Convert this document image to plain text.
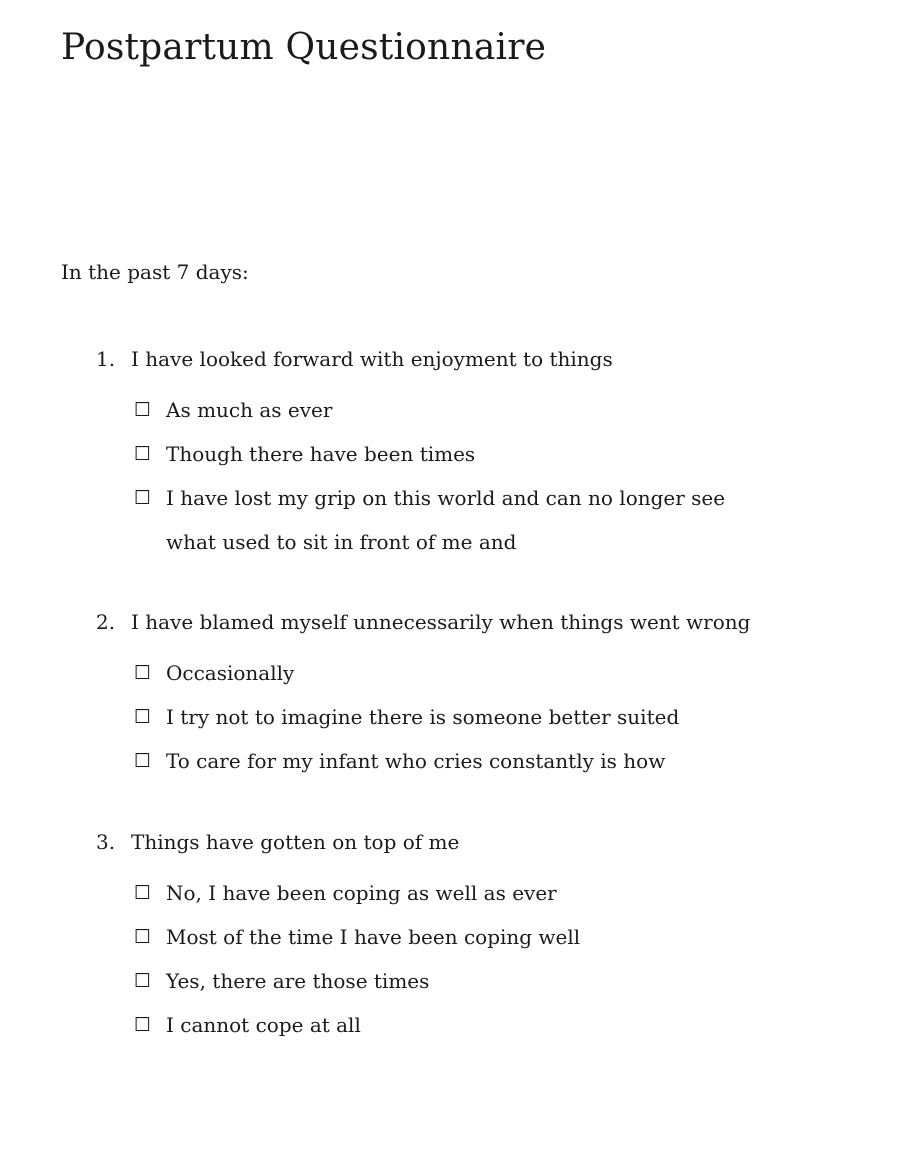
Postpartum Questionnaire

In the past 7 days:

1. I have looked forward with enjoyment to things
☐ As much as ever
☐ Though there have been times
☐ I have lost my grip on this world and can no longer see what used to sit in front of me and
2. I have blamed myself unnecessarily when things went wrong
☐ Occasionally
☐ I try not to imagine there is someone better suited
☐ To care for my infant who cries constantly is how
3. Things have gotten on top of me
☐ No, I have been coping as well as ever
☐ Most of the time I have been coping well
☐ Yes, there are those times
☐ I cannot cope at all
